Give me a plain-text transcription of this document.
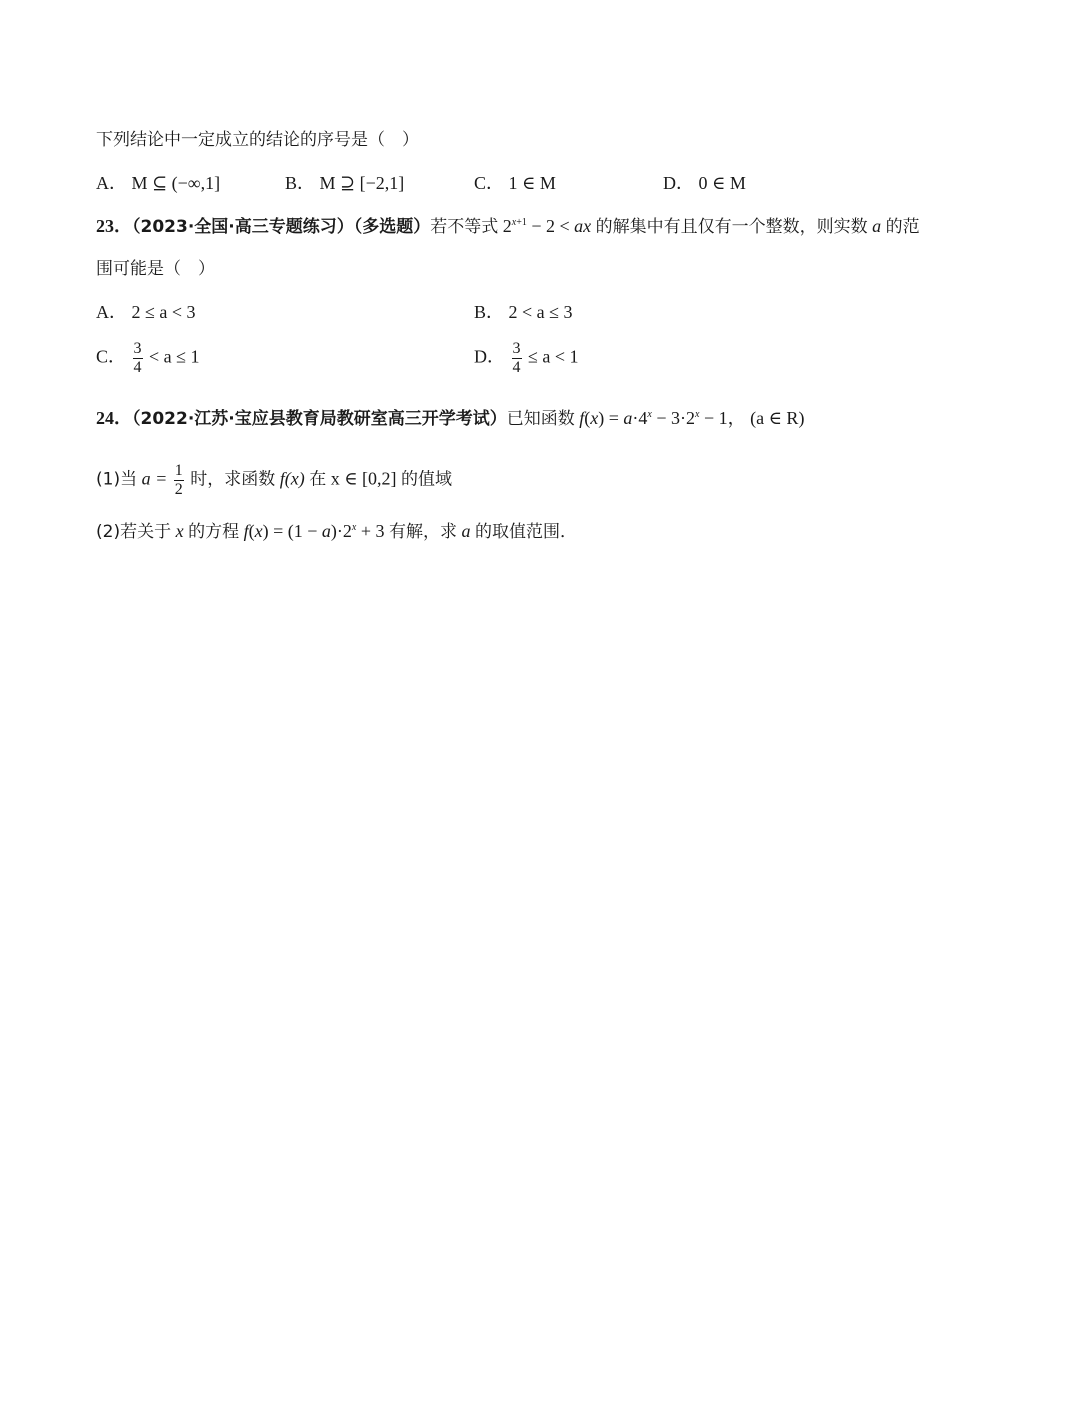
下列结论中一定成立的结论的序号是（　）
A． M ⊆ (−∞,1]	B． M ⊇ [−2,1]	C． 1 ∈ M	D． 0 ∈ M
23．（2023·全国·高三专题练习）（多选题）若不等式 $2^{x+1} - 2$ < ax 的解集中有且仅有一个整数，则实数 a 的范
围可能是（　）
A． 2 ≤ a < 3	B． 2 < a ≤ 3
C． $\frac{3}{4} < a \le 1$	D． $\frac{3}{4} \le a < 1$
24．（2022·江苏·宝应县教育局教研室高三开学考试）已知函数 $f(x) = a\cdot 4^x - 3\cdot 2^x - 1$， (a ∈ R)
(1)当 $a = \frac{1}{2}$ 时，求函数 f(x) 在 x ∈ [0,2] 的值域
(2)若关于 x 的方程 $f(x) = (1 - a)\cdot 2^x + 3$ 有解，求 a 的取值范围．
